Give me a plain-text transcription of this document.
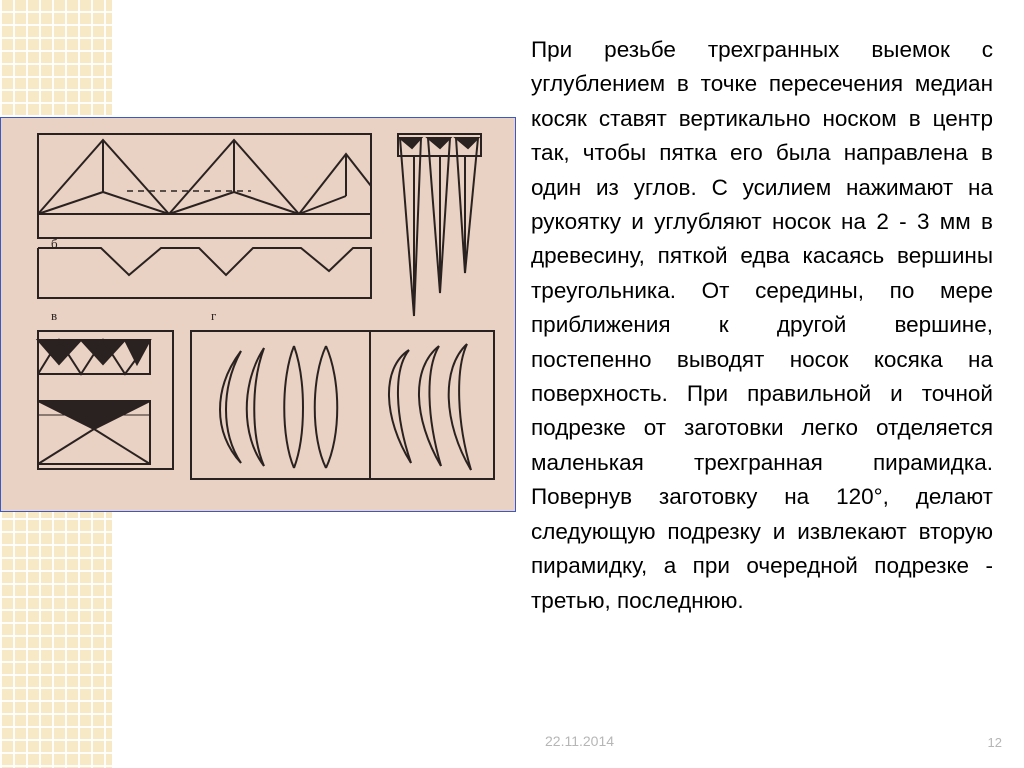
б
в	г

При резьбе трехгранных выемок с углублением в точке пересечения медиан косяк ставят вертикально носком в центр так, чтобы пятка его была направлена в один из углов. С усилием нажимают на рукоятку и углубляют носок на 2 - 3 мм в древесину, пяткой едва касаясь вершины треугольника. От середины, по мере приближения к другой вершине, постепенно выводят носок косяка на поверхность. При правильной и точной подрезке от заготовки легко отделяется маленькая трехгранная пирамидка. Повернув заготовку на 120°, делают следующую подрезку и извлекают вторую пирамидку, а при очередной подрезке - третью, последнюю.

22.11.2014	12
